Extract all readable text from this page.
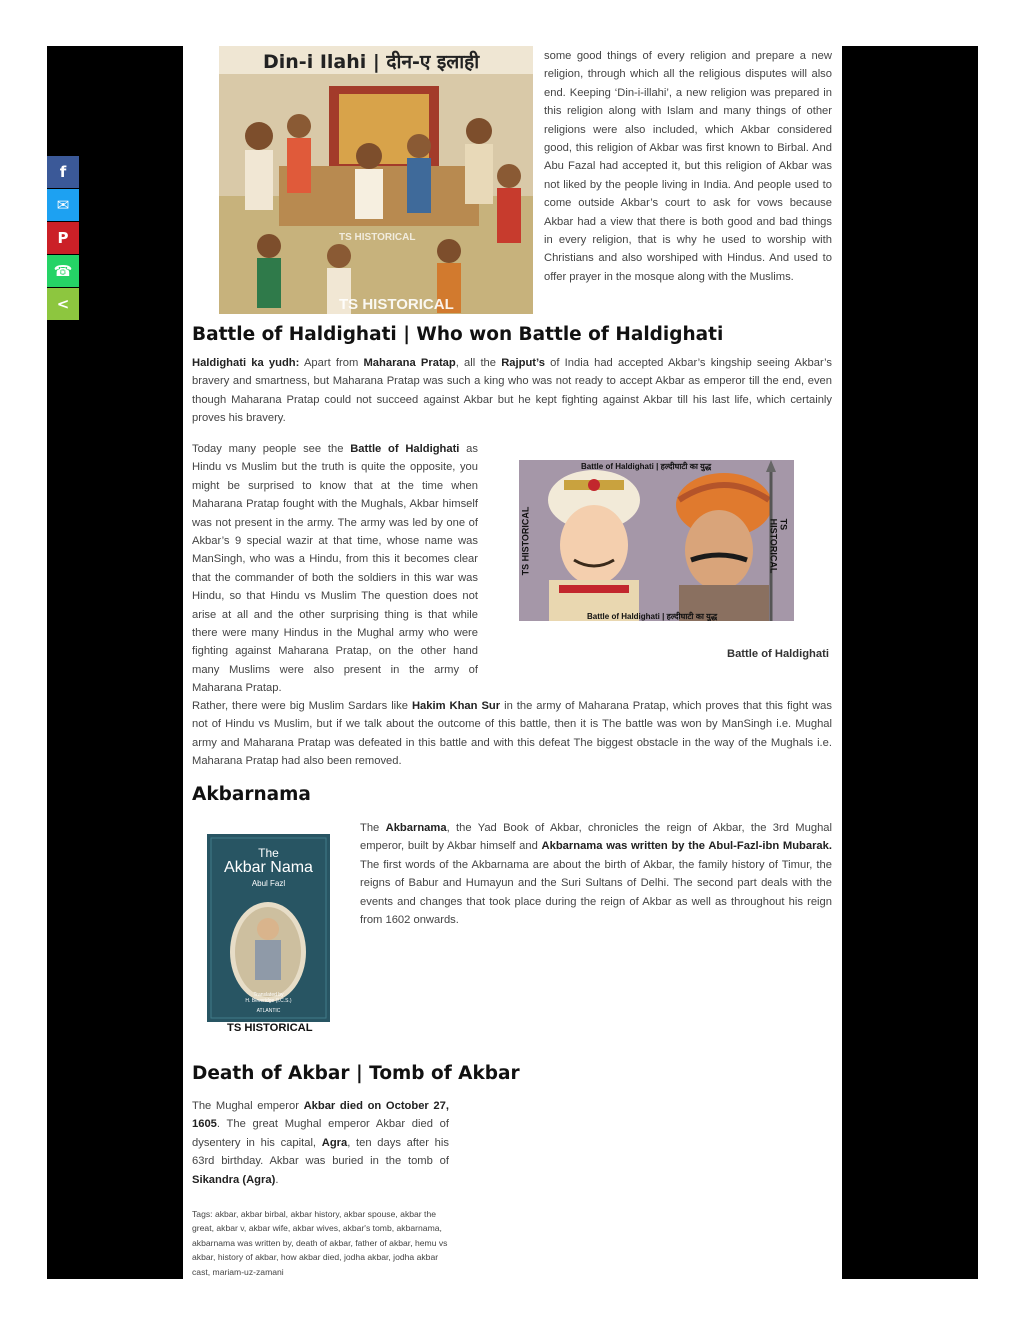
f
✉
P
☎
<
Din-i Ilahi | दीन-ए इलाही
TS HISTORICAL
TS HISTORICAL

some good things of every religion and prepare a new religion, through which all the religious disputes will also end. Keeping ‘Din-i-illahi’, a new religion was prepared in this religion along with Islam and many things of other religions were also included, which Akbar considered good, this religion of Akbar was first known to Birbal. And Abu Fazal had accepted it, but this religion of Akbar was not liked by the people living in India. And people used to come outside Akbar’s court to ask for vows because Akbar had a view that there is both good and bad things in every religion, that is why he used to worship with Christians and also worshiped with Hindus. And used to offer prayer in the mosque along with the Muslims.

Battle of Haldighati | Who won Battle of Haldighati

Haldighati ka yudh: Apart from Maharana Pratap, all the Rajput’s of India had accepted Akbar’s kingship seeing Akbar’s bravery and smartness, but Maharana Pratap was such a king who was not ready to accept Akbar as emperor till the end, even though Maharana Pratap could not succeed against Akbar but he kept fighting against Akbar till his last life, which certainly proves his bravery.

Today many people see the Battle of Haldighati as Hindu vs Muslim but the truth is quite the opposite, you might be surprised to know that at the time when Maharana Pratap fought with the Mughals, Akbar himself was not present in the army. The army was led by one of Akbar’s 9 special wazir at that time, whose name was ManSingh, who was a Hindu, from this it becomes clear that the commander of both the soldiers in this war was Hindu, so that Hindu vs Muslim The question does not arise at all and the other surprising thing is that while there were many Hindus in the Mughal army who were fighting against Maharana Pratap, on the other hand many Muslims were also present in the army of Maharana Pratap.

Battle of Haldighati | हल्दीघाटी का युद्ध
Battle of Haldighati | हल्दीघाटी का युद्ध
TS HISTORICAL	TS HISTORICAL
Battle of Haldighati

Rather, there were big Muslim Sardars like Hakim Khan Sur in the army of Maharana Pratap, which proves that this fight was not of Hindu vs Muslim, but if we talk about the outcome of this battle, then it is The battle was won by ManSingh i.e. Mughal army and Maharana Pratap was defeated in this battle and with this defeat The biggest obstacle in the way of the Mughals i.e. Maharana Pratap had also been removed.

Akbarnama
The
Akbar Nama
Abul Fazl
Translated by
H. Beveridge (I.C.S.)
ATLANTIC
TS HISTORICAL

The Akbarnama, the Yad Book of Akbar, chronicles the reign of Akbar, the 3rd Mughal emperor, built by Akbar himself and Akbarnama was written by the Abul-Fazl-ibn Mubarak. The first words of the Akbarnama are about the birth of Akbar, the family history of Timur, the reigns of Babur and Humayun and the Suri Sultans of Delhi. The second part deals with the events and changes that took place during the reign of Akbar as well as throughout his reign from 1602 onwards.

Death of Akbar | Tomb of Akbar

The Mughal emperor Akbar died on October 27, 1605. The great Mughal emperor Akbar died of dysentery in his capital, Agra, ten days after his 63rd birthday. Akbar was buried in the tomb of Sikandra (Agra).

Tags: akbar, akbar birbal, akbar history, akbar spouse, akbar the great, akbar v, akbar wife, akbar wives, akbar's tomb, akbarnama, akbarnama was written by, death of akbar, father of akbar, hemu vs akbar, history of akbar, how akbar died, jodha akbar, jodha akbar cast, mariam-uz-zamani
